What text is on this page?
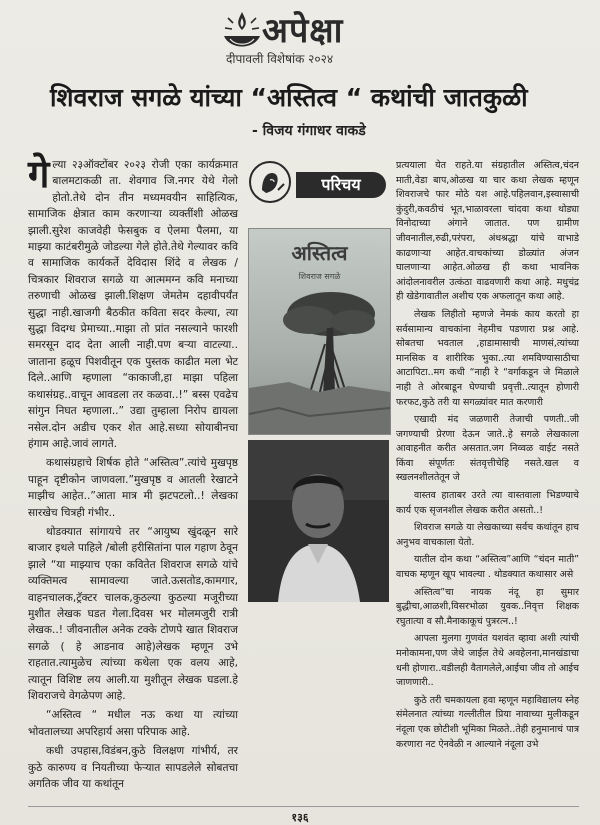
अपेक्षा
दीपावली विशेषांक २०२४
शिवराज सगळे यांच्या “अस्तित्व “ कथांची जातकुळी
- विजय गंगाधर वाकडे

गेल्या २३ऑक्टोंबर २०२३ रोजी एका कार्यक्रमात बालमटाकळी ता. शेवगाव जि.नगर येथे गेलो होतो.तेथे दोन तीन मध्यमवयीन साहित्यिक, सामाजिक क्षेत्रात काम करणाऱ्या व्यक्तींशी ओळख झाली.सुरेश काजवेही फेसबुक व ऐलमा पैलमा, या माझ्या काटंबरीमुळे जोडल्या गेले होते.तेथे गेल्यावर कवि व सामाजिक कार्यकर्ते देविदास शिंदे व लेखक / चित्रकार शिवराज सगळे या आत्ममग्न कवि मनाच्या तरुणाची ओळख झाली.शिक्षण जेमतेम दहावीपर्यंत सुद्धा नाही.खाजगी बैठकीत कविता सदर केल्या, त्या सुद्धा विदग्ध प्रेमाच्या..माझा तो प्रांत नसल्याने फारशी समरसून दाद देता आली नाही.पण बऱ्या वाटल्या.. जाताना हळूच पिशवीतून एक पुस्तक काढीत मला भेट दिले..आणि म्हणाला “काकाजी,हा माझा पहिला कथासंग्रह..वाचून आवडला तर कळवा..!” बस्स एवढेच सांगुन निघत म्हणाला..” उद्या तुम्हाला निरोप द्यायला नसेल.दोन अडीच एकर शेत आहे.सध्या सोयाबीनचा हंगाम आहे.जावं लागते.

कथासंग्रहाचे शिर्षक होते “अस्तित्व”.त्यांचे मुखपृष्ठ पाहून दृष्टीकोन जाणवला.”मुखपृष्ठ व आतली रेखाटने माझीच आहेत..”आता मात्र मी झटपटलो..! लेखका सारखेच चित्रही गंभीर..

थोडक्यात सांगायचे तर “आयुष्य खुंदळून सारे बाजार इथले पाहिले /बोली हरीसितांना पाल गहाण ठेवून झाले “या माझ्याच एका कवितेत शिवराज सगळे यांचे व्यक्तिमत्व सामावल्या जाते.ऊसतोड,कामगार, वाहनचालक,ट्रॅक्टर चालक,कुठल्या कुठल्या मजूरीच्या मुशीत लेखक घडत गेला.दिवस भर मोलमजुरी रात्री लेखक..! जीवनातील अनेक टक्के टोणपे खात शिवराज सगळे ( हे आडनाव आहे)लेखक म्हणून उभे राहतात.त्यामुळेच त्यांच्या कथेला एक वलय आहे, त्यातून विशिष्ट लय आली.या मुशीतून लेखक घडला.हे शिवराजचे वेगळेपण आहे.

“अस्तित्व “ मधील नऊ कथा या त्यांच्या भोवतालच्या अपरिहार्य असा परिपाक आहे.

कधी उपहास,विडंबन,कुठे विलक्षण गांभीर्य, तर कुठे कारुण्य व नियतीच्या फेऱ्यात सापडलेले सोबतचा अगतिक जीव या कथांतून

परिचय
अस्तित्व
शिवराज सगळे

प्रत्ययाला येत राहते.या संग्रहातील अस्तित्व,चंदन माती,वेडा बाप,ओळख या चार कथा लेखक म्हणून शिवराजचे फार मोठे यश आहे.पहिलवान,इस्वासाची कुंदुरी,कवठीचं भूत,भाळावरला चांदवा कथा थोड्या विनोदाच्या अंगाने जातात. पण ग्रामीण जीवनातील,रुढी,परंपरा, अंधश्रद्धा यांचे वाभाडे काढणाऱ्या आहेत.वाचकांच्या डोळ्यांत अंजन घालणाऱ्या आहेत.ओळख ही कथा भावनिक आंदोलनावरील उत्कंठा वाढवणारी कथा आहे. मधुचंद्र ही खेडेगावातील अशीच एक अफलातून कथा आहे.

लेखक लिहीतो म्हणजे नेमकं काय करतो हा सर्वसामान्य वाचकांना नेहमीच पडणारा प्रश्न आहे. सोबतचा भवताल ,हाडामासाची माणसं,त्यांच्या मानसिक व शारीरिक भुका..त्या शमविण्यासाठीचा आटापिटा..मग कधी “नाही रे “वर्गाकडून जे मिळाले नाही ते ओरबाडून घेण्याची प्रवृत्ती..त्यातून होणारी फरफट,कुठे तरी या सगळ्यांवर मात करणारी

एखादी मंद जळणारी तेजाची पणती..जी जगण्याची प्रेरणा देऊन जाते..हे सगळे लेखकाला आवाहनीत करीत असतात.जग निव्वळ वाईट नसते किंवा संपूर्णतः संतवृत्तीचेहि नसते.खल व स्खलनशीलतेतून जे

वास्तव हाताबर उरते त्या वास्तवाला भिडण्याचे कार्य एक सृजनशील लेखक करीत असतो..!

शिवराज सगळे या लेखकाच्या सर्वच कथांतून हाच अनुभव वाचकाला येतो.

यातील दोन कथा “अस्तित्व”आणि “चंदन माती” वाचक म्हणून खूप भावल्या . थोडक्यात कथासार असे

अस्तित्व”चा नायक नंदू हा सुमार बुद्धीचा,आळशी,विसरभोळा युवक..निवृत्त शिक्षक रघुतात्या व सौ.मैनाकाकूचं पुत्ररत्न..!

आपला मुलगा गुणवंत यशवंत व्हावा अशी त्यांची मनोकामना,पण जेथे जाईल तेथे अवहेलना,मानखंडाचा धनी होणारा..वडीलही वैतागलेले,आईचा जीव तो आईच जाणणारी..

कुठे तरी चमकायला हवा म्हणून महाविद्यालय स्नेह संमेलनात त्यांच्या गल्लीतील प्रिया नावाच्या मुलीकडून नंदूला एक छोटीशी भूमिका मिळते..तेही हनुमानाचं पात्र करणारा नट ऐनवेळी न आल्याने नंदूला उभे

१३६
